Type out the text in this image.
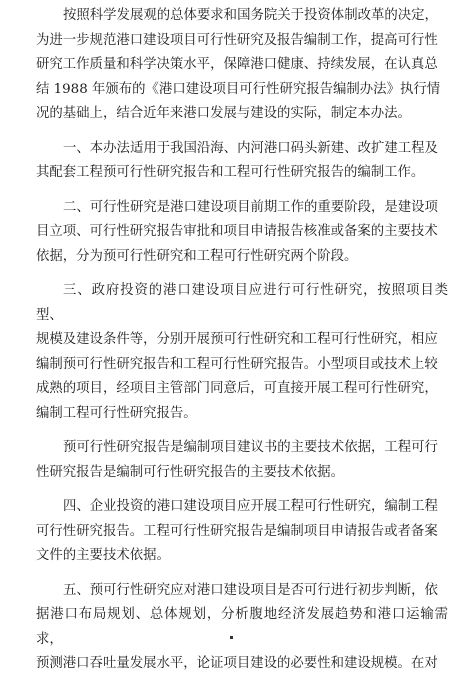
按照科学发展观的总体要求和国务院关于投资体制改革的决定，
为进一步规范港口建设项目可行性研究及报告编制工作，提高可行性
研究工作质量和科学决策水平，保障港口健康、持续发展，在认真总
结 1988 年颁布的《港口建设项目可行性研究报告编制办法》执行情
况的基础上，结合近年来港口发展与建设的实际，制定本办法。

一、本办法适用于我国沿海、内河港口码头新建、改扩建工程及
其配套工程预可行性研究报告和工程可行性研究报告的编制工作。

二、可行性研究是港口建设项目前期工作的重要阶段，是建设项
目立项、可行性研究报告审批和项目申请报告核准或备案的主要技术
依据，分为预可行性研究和工程可行性研究两个阶段。

三、政府投资的港口建设项目应进行可行性研究，按照项目类型、
规模及建设条件等，分别开展预可行性研究和工程可行性研究，相应
编制预可行性研究报告和工程可行性研究报告。小型项目或技术上较
成熟的项目，经项目主管部门同意后，可直接开展工程可行性研究，
编制工程可行性研究报告。

预可行性研究报告是编制项目建议书的主要技术依据，工程可行
性研究报告是编制可行性研究报告的主要技术依据。

四、企业投资的港口建设项目应开展工程可行性研究，编制工程
可行性研究报告。工程可行性研究报告是编制项目申请报告或者备案
文件的主要技术依据。

五、预可行性研究应对港口建设项目是否可行进行初步判断，依
据港口布局规划、总体规划，分析腹地经济发展趋势和港口运输需求，
预测港口吞吐量发展水平，论证项目建设的必要性和建设规模。在对
